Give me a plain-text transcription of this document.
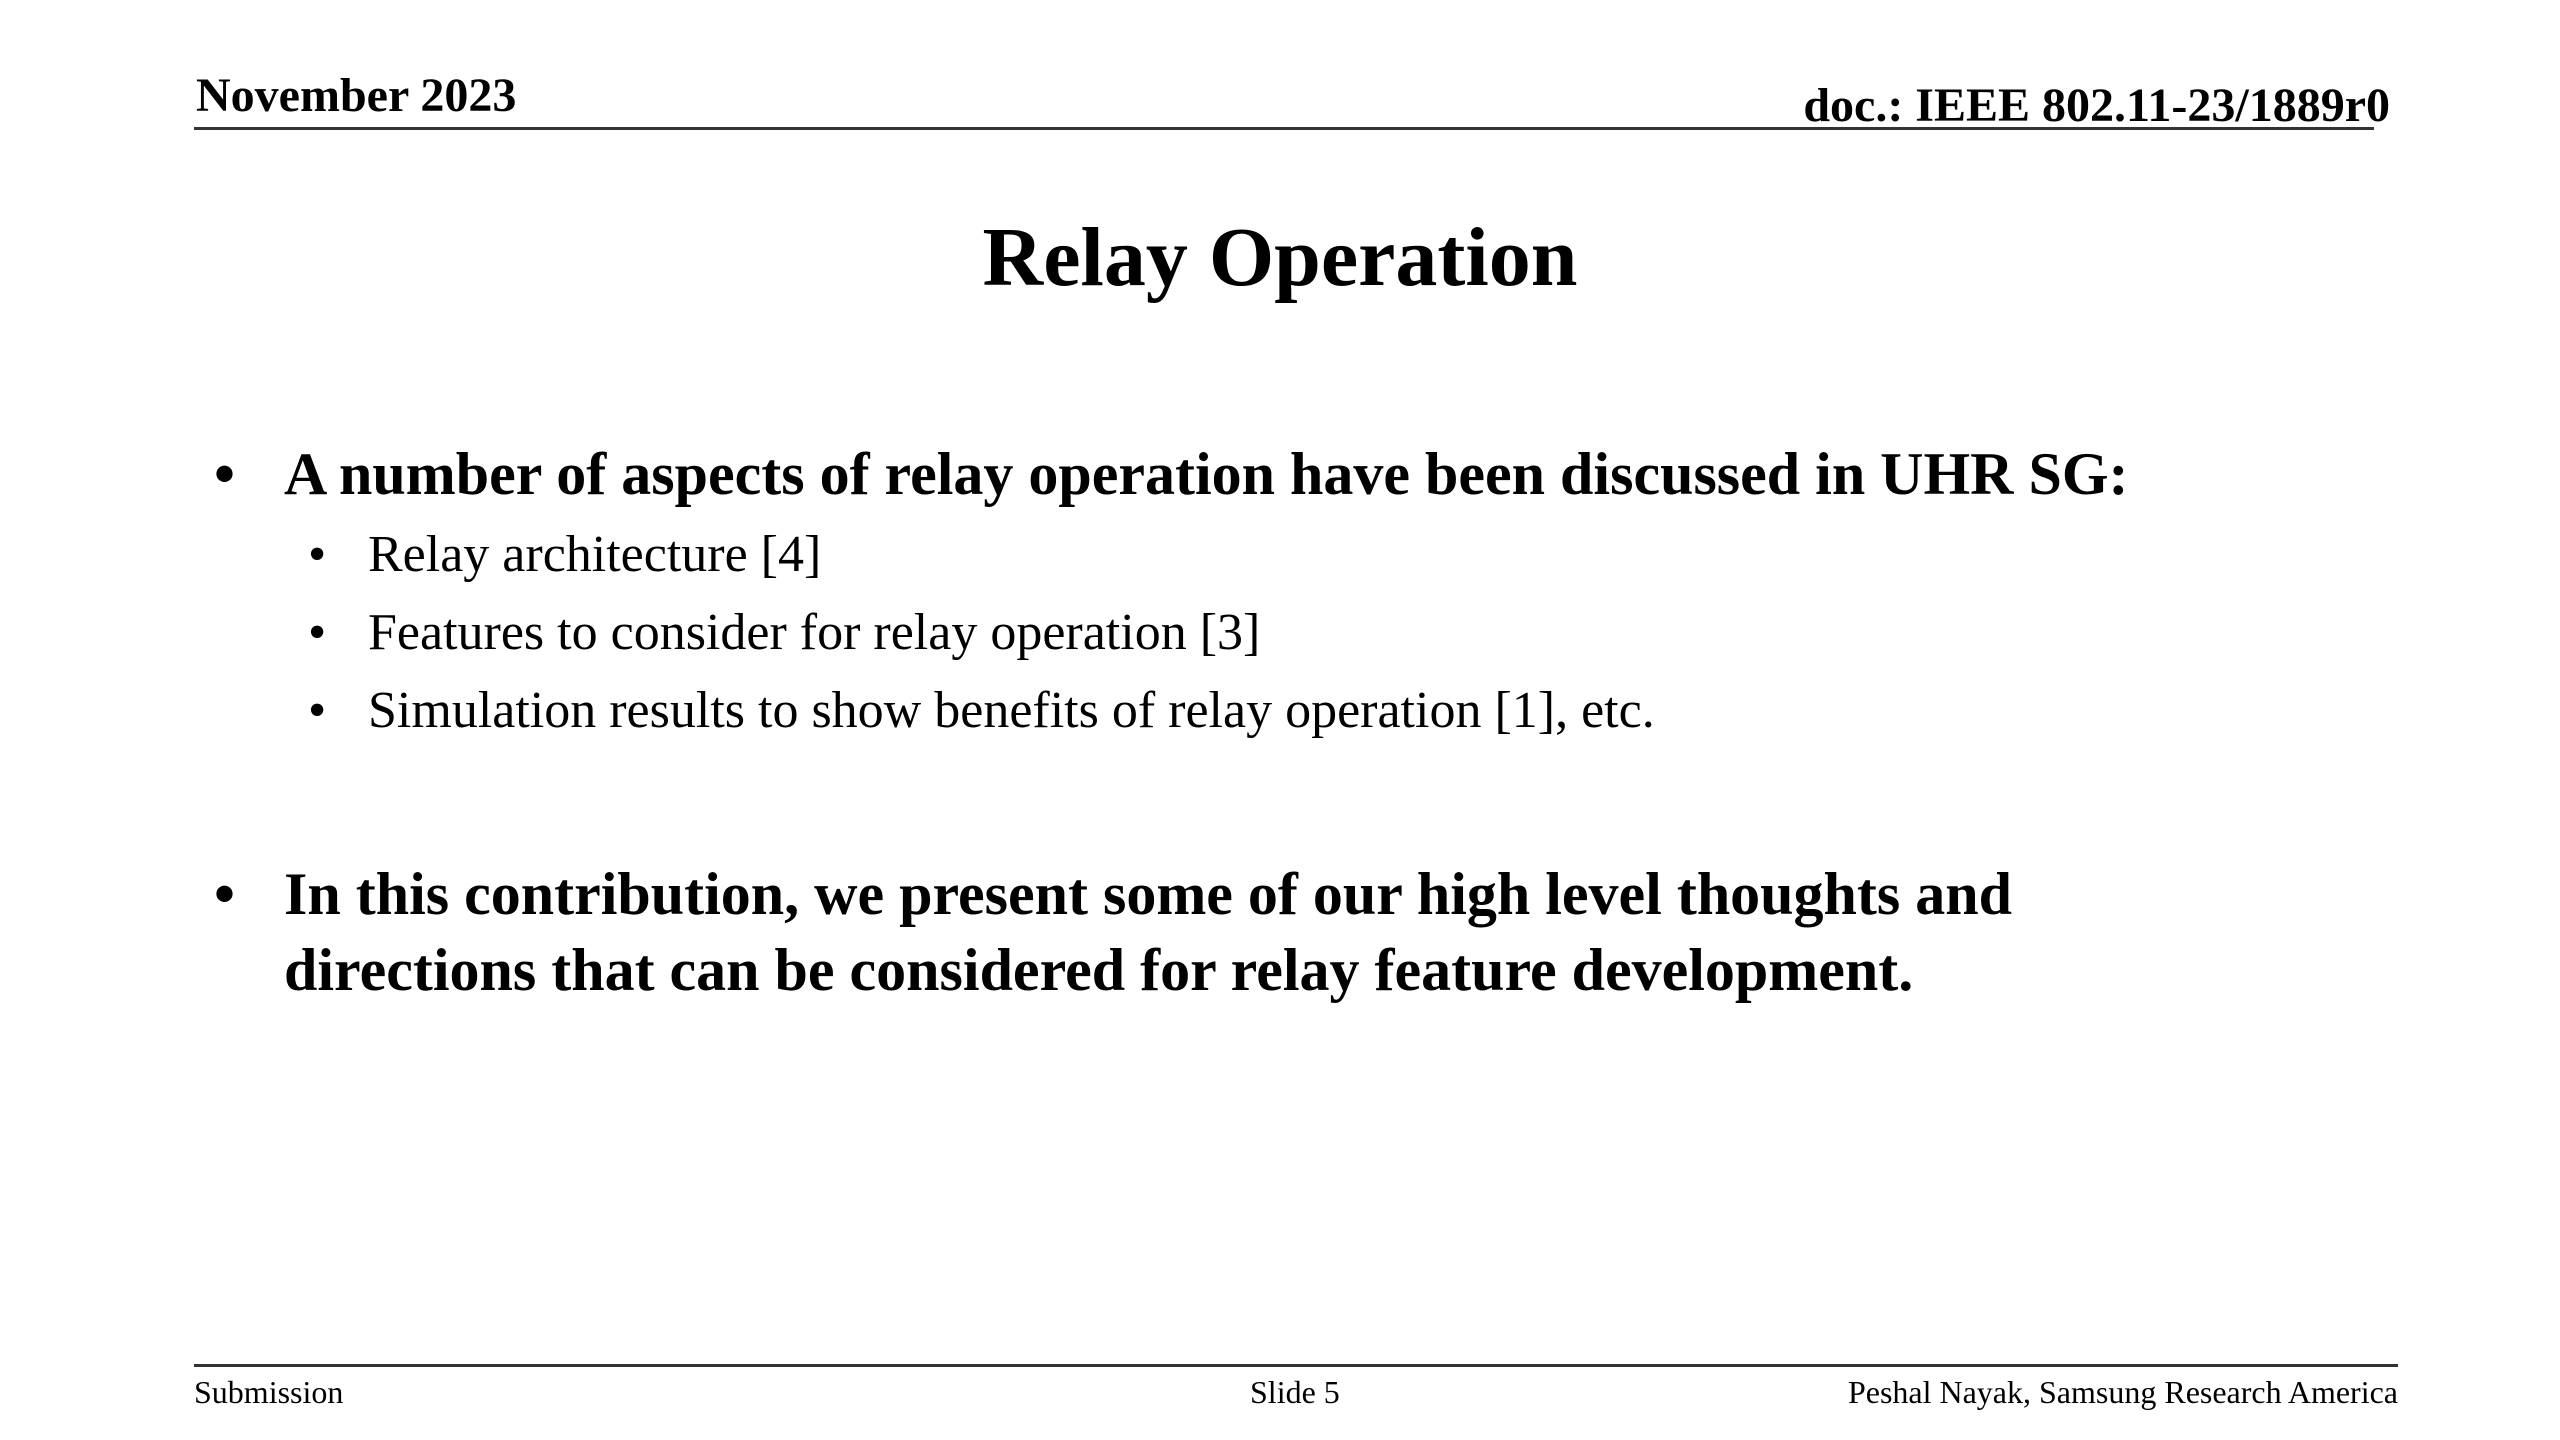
November 2023	doc.: IEEE 802.11-23/1889r0
Relay Operation
• A number of aspects of relay operation have been discussed in UHR SG:
• Relay architecture [4]
• Features to consider for relay operation [3]
• Simulation results to show benefits of relay operation [1], etc.
• In this contribution, we present some of our high level thoughts and directions that can be considered for relay feature development.
Submission	Slide 5	Peshal Nayak, Samsung Research America
